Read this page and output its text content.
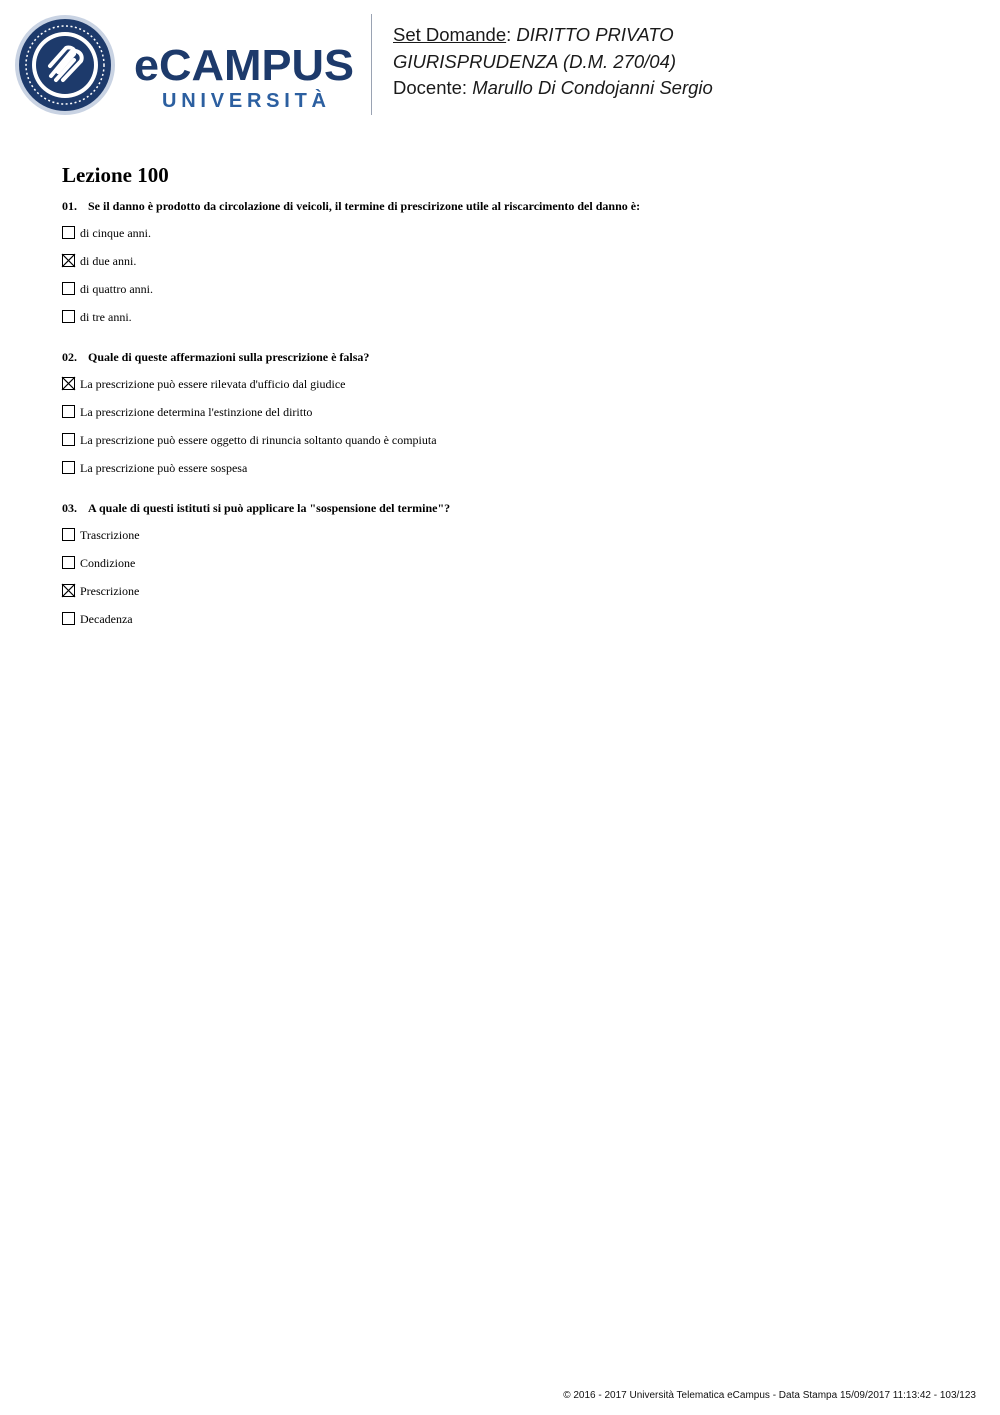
eCAMPUS
UNIVERSITÀ
Set Domande: DIRITTO PRIVATO
GIURISPRUDENZA (D.M. 270/04)
Docente: Marullo Di Condojanni Sergio
Lezione 100
01. Se il danno è prodotto da circolazione di veicoli, il termine di prescirizone utile al riscarcimento del danno è:
di cinque anni.
di due anni.
di quattro anni.
di tre anni.
02. Quale di queste affermazioni sulla prescrizione è falsa?
La prescrizione può essere rilevata d'ufficio dal giudice
La prescrizione determina l'estinzione del diritto
La prescrizione può essere oggetto di rinuncia soltanto quando è compiuta
La prescrizione può essere sospesa
03. A quale di questi istituti si può applicare la "sospensione del termine"?
Trascrizione
Condizione
Prescrizione
Decadenza
© 2016 - 2017 Università Telematica eCampus - Data Stampa 15/09/2017 11:13:42 - 103/123
